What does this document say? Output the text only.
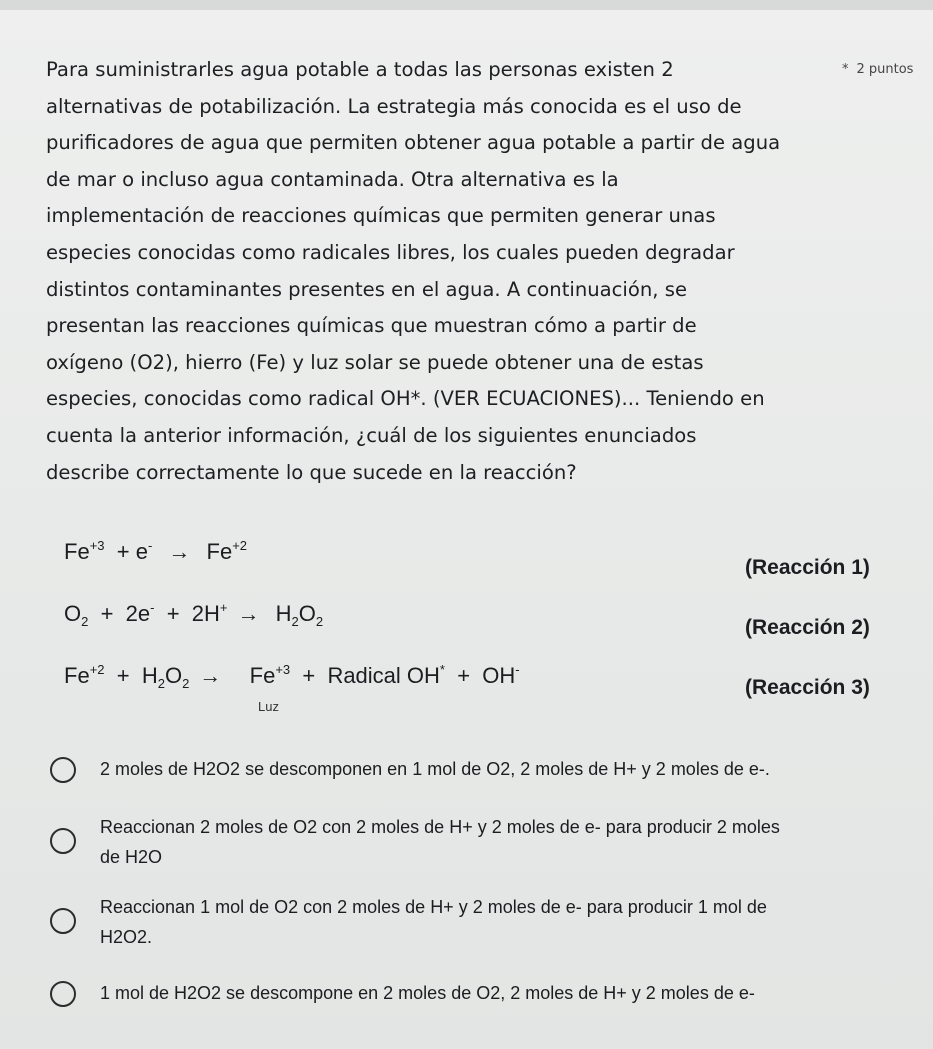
* 2 puntos

Para suministrarles agua potable a todas las personas existen 2

alternativas de potabilización. La estrategia más conocida es el uso de

purificadores de agua que permiten obtener agua potable a partir de agua

de mar o incluso agua contaminada. Otra alternativa es la

implementación de reacciones químicas que permiten generar unas

especies conocidas como radicales libres, los cuales pueden degradar

distintos contaminantes presentes en el agua. A continuación, se

presentan las reacciones químicas que muestran cómo a partir de

oxígeno (O2), hierro (Fe) y luz solar se puede obtener una de estas

especies, conocidas como radical OH*. (VER ECUACIONES)... Teniendo en

cuenta la anterior información, ¿cuál de los siguientes enunciados

describe correctamente lo que sucede en la reacción?

$Fe^{+3} + e^- \to Fe^{+2}$
(Reacción 1)
$O_2 + 2e^- + 2H^+ \to H_2O_2$	(Reacción 2)
$Fe^{+2} + H_2O_2 \to Fe^{+3}$  +  Radical OH*  +  OH-
Luz
(Reacción 3)
2 moles de H2O2 se descomponen en 1 mol de O2, 2 moles de H+ y 2 moles de e-.
Reaccionan 2 moles de O2 con 2 moles de H+ y 2 moles de e- para producir 2 moles
de H2O
Reaccionan 1 mol de O2 con 2 moles de H+ y 2 moles de e- para producir 1 mol de
H2O2.
1 mol de H2O2 se descompone en 2 moles de O2, 2 moles de H+ y 2 moles de e-
